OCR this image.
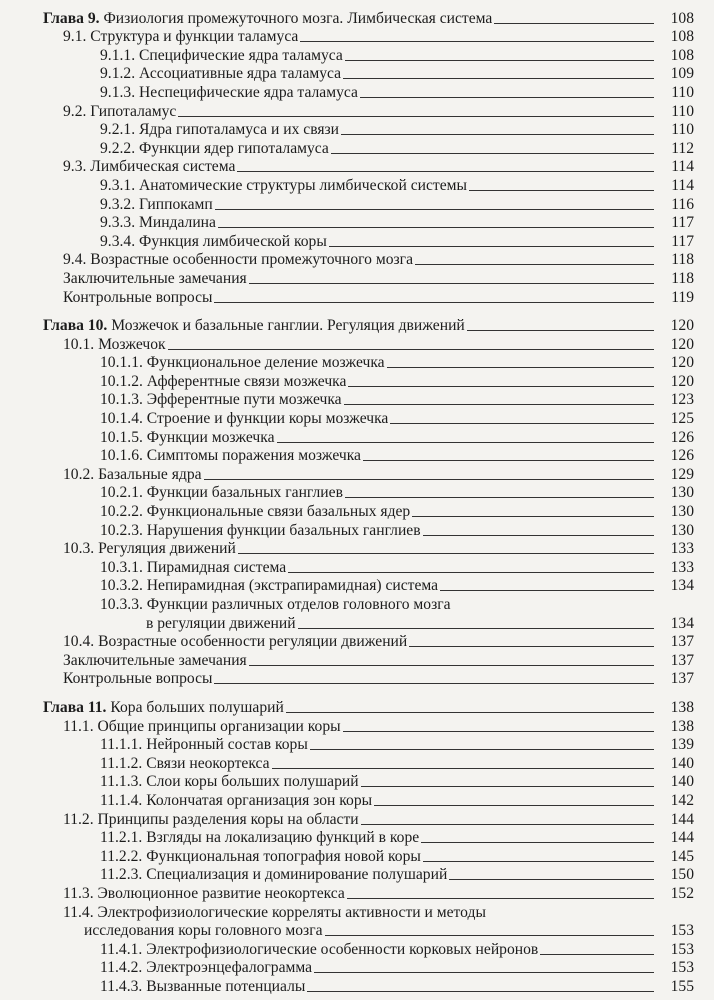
Глава 9. Физиология промежуточного мозга. Лимбическая система	108
9.1. Структура и функции таламуса	108
9.1.1. Специфические ядра таламуса	108
9.1.2. Ассоциативные ядра таламуса	109
9.1.3. Неспецифические ядра таламуса	110
9.2. Гипоталамус	110
9.2.1. Ядра гипоталамуса и их связи	110
9.2.2. Функции ядер гипоталамуса	112
9.3. Лимбическая система	114
9.3.1. Анатомические структуры лимбической системы	114
9.3.2. Гиппокамп	116
9.3.3. Миндалина	117
9.3.4. Функция лимбической коры	117
9.4. Возрастные особенности промежуточного мозга	118
Заключительные замечания	118
Контрольные вопросы	119
Глава 10. Мозжечок и базальные ганглии. Регуляция движений	120
10.1. Мозжечок	120
10.1.1. Функциональное деление мозжечка	120
10.1.2. Афферентные связи мозжечка	120
10.1.3. Эфферентные пути мозжечка	123
10.1.4. Строение и функции коры мозжечка	125
10.1.5. Функции мозжечка	126
10.1.6. Симптомы поражения мозжечка	126
10.2. Базальные ядра	129
10.2.1. Функции базальных ганглиев	130
10.2.2. Функциональные связи базальных ядер	130
10.2.3. Нарушения функции базальных ганглиев	130
10.3. Регуляция движений	133
10.3.1. Пирамидная система	133
10.3.2. Непирамидная (экстрапирамидная) система	134
10.3.3. Функции различных отделов головного мозга
в регуляции движений	134
10.4. Возрастные особенности регуляции движений	137
Заключительные замечания	137
Контрольные вопросы	137
Глава 11. Кора больших полушарий	138
11.1. Общие принципы организации коры	138
11.1.1. Нейронный состав коры	139
11.1.2. Связи неокортекса	140
11.1.3. Слои коры больших полушарий	140
11.1.4. Колончатая организация зон коры	142
11.2. Принципы разделения коры на области	144
11.2.1. Взгляды на локализацию функций в коре	144
11.2.2. Функциональная топография новой коры	145
11.2.3. Специализация и доминирование полушарий	150
11.3. Эволюционное развитие неокортекса	152
11.4. Электрофизиологические корреляты активности и методы
исследования коры головного мозга	153
11.4.1. Электрофизиологические особенности корковых нейронов	153
11.4.2. Электроэнцефалограмма	153
11.4.3. Вызванные потенциалы	155
